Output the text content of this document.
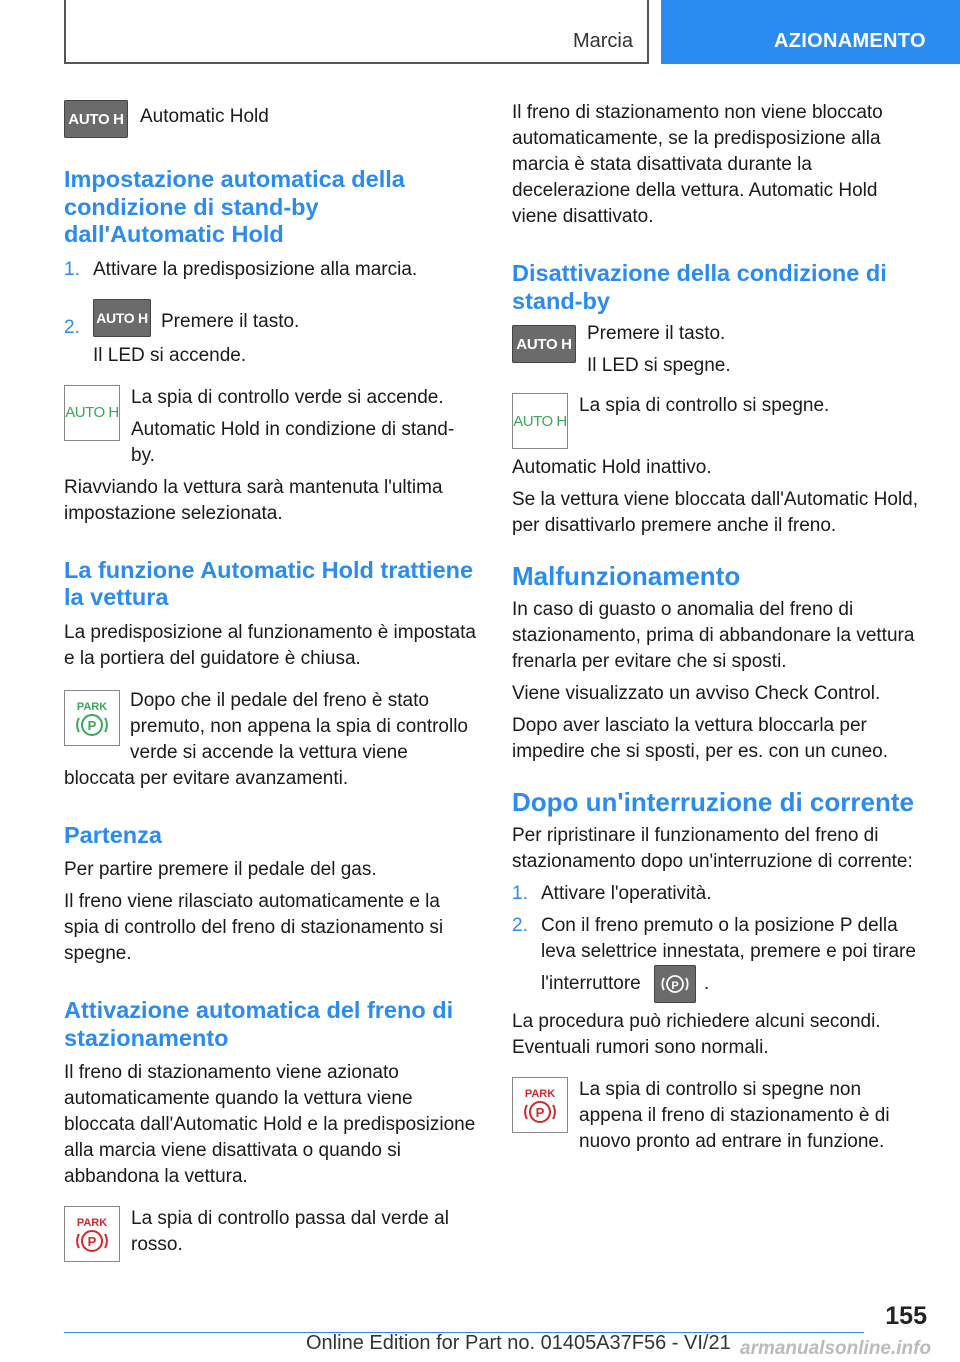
Marcia	AZIONAMENTO
AUTO H Automatic Hold

Impostazione automatica della condizione di stand-by dall'Automatic Hold
1. Attivare la predisposizione alla marcia.
2. AUTO H Premere il tasto.

Il LED si accende.

AUTO H

La spia di controllo verde si accende.

Automatic Hold in condizione di stand-by.

Riavviando la vettura sarà mantenuta l'ultima impostazione selezionata.

La funzione Automatic Hold trattiene la vettura

La predisposizione al funzionamento è impostata e la portiera del guidatore è chiusa.

PARK
P

Dopo che il pedale del freno è stato premuto, non appena la spia di controllo verde si accende la vettura viene bloccata per evitare avanzamenti.

Partenza

Per partire premere il pedale del gas.

Il freno viene rilasciato automaticamente e la spia di controllo del freno di stazionamento si spegne.

Attivazione automatica del freno di stazionamento

Il freno di stazionamento viene azionato automaticamente quando la vettura viene bloccata dall'Automatic Hold e la predisposizione alla marcia viene disattivata o quando si abbandona la vettura.

PARK
P

La spia di controllo passa dal verde al rosso.

Il freno di stazionamento non viene bloccato automaticamente, se la predisposizione alla marcia è stata disattivata durante la decelerazione della vettura. Automatic Hold viene disattivato.

Disattivazione della condizione di stand-by
AUTO H Premere il tasto.

Il LED si spegne.

AUTO H

La spia di controllo si spegne.

Automatic Hold inattivo.

Se la vettura viene bloccata dall'Automatic Hold, per disattivarlo premere anche il freno.

Malfunzionamento

In caso di guasto o anomalia del freno di stazionamento, prima di abbandonare la vettura frenarla per evitare che si sposti.

Viene visualizzato un avviso Check Control.

Dopo aver lasciato la vettura bloccarla per impedire che si sposti, per es. con un cuneo.

Dopo un'interruzione di corrente

Per ripristinare il funzionamento del freno di stazionamento dopo un'interruzione di corrente:

1. Attivare l'operatività.
2. Con il freno premuto o la posizione P della leva selettrice innestata, premere e poi tirare l'interruttore	P .

La procedura può richiedere alcuni secondi.

Eventuali rumori sono normali.

PARK
P

La spia di controllo si spegne non appena il freno di stazionamento è di nuovo pronto ad entrare in funzione.

155
Online Edition for Part no. 01405A37F56 - VI/21 armanualsonline.info
